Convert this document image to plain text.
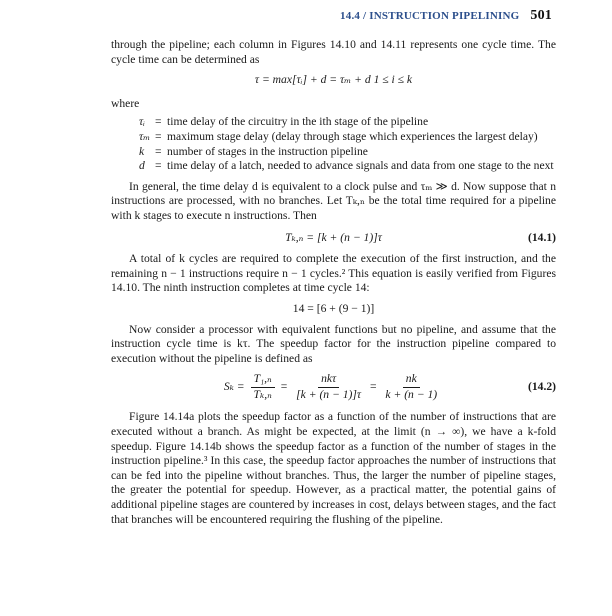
14.4 / INSTRUCTION PIPELINING 501

through the pipeline; each column in Figures 14.10 and 14.11 represents one cycle time. The cycle time can be determined as

τ = max[τᵢ] + d = τₘ + d 1 ≤ i ≤ k
where
τᵢ = time delay of the circuitry in the ith stage of the pipeline
τₘ = maximum stage delay (delay through stage which experiences the largest delay)
k = number of stages in the instruction pipeline
d = time delay of a latch, needed to advance signals and data from one stage to the next

In general, the time delay d is equivalent to a clock pulse and τₘ ≫ d. Now suppose that n instructions are processed, with no branches. Let Tₖ,ₙ be the total time required for a pipeline with k stages to execute n instructions. Then

Tₖ,ₙ = [k + (n − 1)]τ	(14.1)

A total of k cycles are required to complete the execution of the first instruction, and the remaining n − 1 instructions require n − 1 cycles.² This equation is easily verified from Figures 14.10. The ninth instruction completes at time cycle 14:

14 = [6 + (9 − 1)]

Now consider a processor with equivalent functions but no pipeline, and assume that the instruction cycle time is kτ. The speedup factor for the instruction pipeline compared to execution without the pipeline is defined as

$S_k = \frac{\text{T₁,ₙ}}{\text{Tₖ,ₙ}} = \frac{\text{nkτ}}{[k + (n - 1)]\tau} = \frac{nk}{k + (n - 1)}$	(14.2)

Figure 14.14a plots the speedup factor as a function of the number of instructions that are executed without a branch. As might be expected, at the limit (n → ∞), we have a k-fold speedup. Figure 14.14b shows the speedup factor as a function of the number of stages in the instruction pipeline.³ In this case, the speedup factor approaches the number of instructions that can be fed into the pipeline without branches. Thus, the larger the number of pipeline stages, the greater the potential for speedup. However, as a practical matter, the potential gains of additional pipeline stages are countered by increases in cost, delays between stages, and the fact that branches will be encountered requiring the flushing of the pipeline.
